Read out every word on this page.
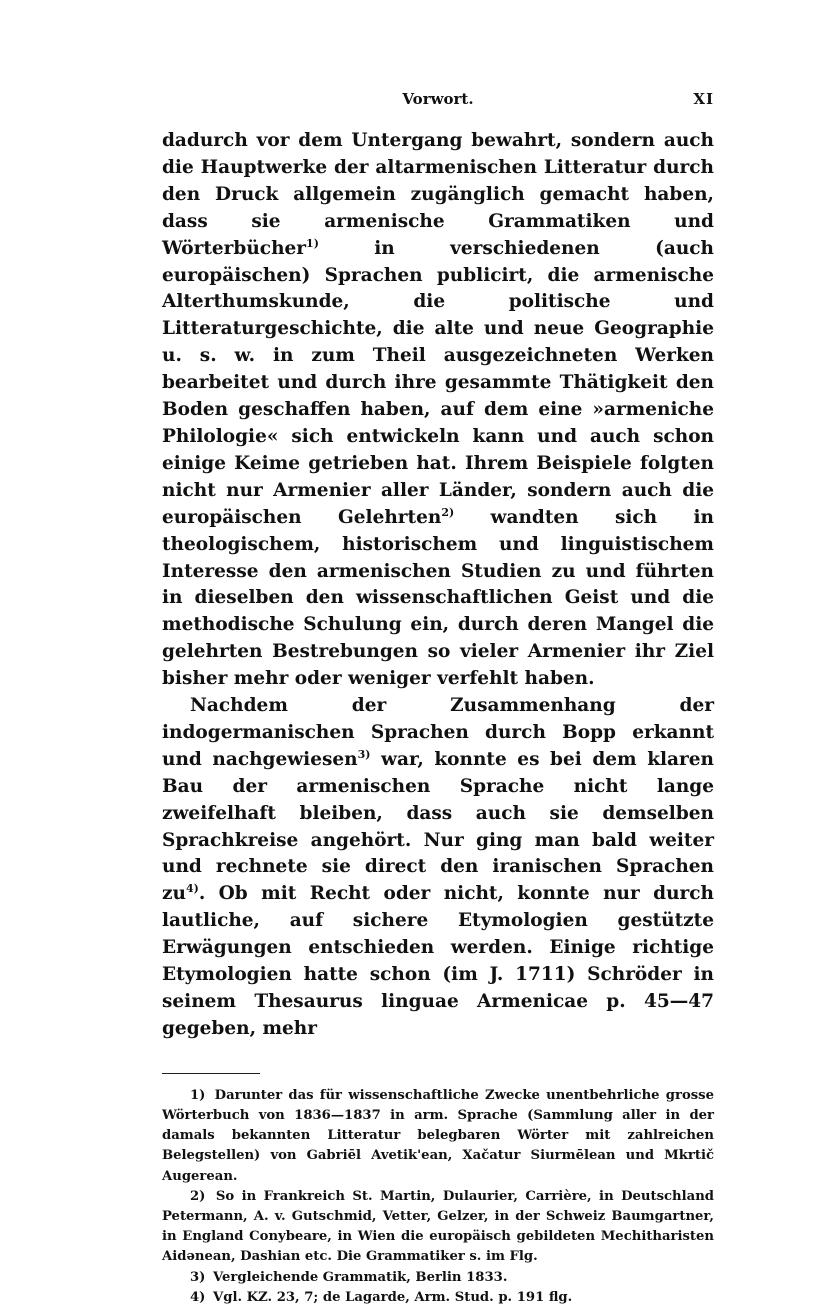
Vorwort.	XI

dadurch vor dem Untergang bewahrt, sondern auch die Hauptwerke der altarmenischen Litteratur durch den Druck allgemein zugänglich gemacht haben, dass sie armenische Grammatiken und Wörterbücher$^{1)}$ in verschiedenen (auch europäischen) Sprachen publicirt, die armenische Alterthumskunde, die politische und Litteraturgeschichte, die alte und neue Geographie u. s. w. in zum Theil ausgezeichneten Werken bearbeitet und durch ihre gesammte Thätigkeit den Boden geschaffen haben, auf dem eine »armeniche Philologie« sich entwickeln kann und auch schon einige Keime getrieben hat. Ihrem Beispiele folgten nicht nur Armenier aller Länder, sondern auch die europäischen Gelehrten$^{2)}$ wandten sich in theologischem, historischem und linguistischem Interesse den armenischen Studien zu und führten in dieselben den wissenschaftlichen Geist und die methodische Schulung ein, durch deren Mangel die gelehrten Bestrebungen so vieler Armenier ihr Ziel bisher mehr oder weniger verfehlt haben.

Nachdem der Zusammenhang der indogermanischen Sprachen durch Bopp erkannt und nachgewiesen$^{3)}$ war, konnte es bei dem klaren Bau der armenischen Sprache nicht lange zweifelhaft bleiben, dass auch sie demselben Sprachkreise angehört. Nur ging man bald weiter und rechnete sie direct den iranischen Sprachen zu$^{4)}$. Ob mit Recht oder nicht, konnte nur durch lautliche, auf sichere Etymologien gestützte Erwägungen entschieden werden. Einige richtige Etymologien hatte schon (im J. 1711) Schröder in seinem Thesaurus linguae Armenicae p. 45—47 gegeben, mehr

1) Darunter das für wissenschaftliche Zwecke unentbehrliche grosse Wörterbuch von 1836—1837 in arm. Sprache (Sammlung aller in der damals bekannten Litteratur belegbaren Wörter mit zahlreichen Belegstellen) von Gabriēl Avetik'ean, Xačatur Siurmēlean und Mkrtič Augerean.

2) So in Frankreich St. Martin, Dulaurier, Carrière, in Deutschland Petermann, A. v. Gutschmid, Vetter, Gelzer, in der Schweiz Baumgartner, in England Conybeare, in Wien die europäisch gebildeten Mechitharisten Aidənean, Dashian etc. Die Grammatiker s. im Flg.

3) Vergleichende Grammatik, Berlin 1833.

4) Vgl. KZ. 23, 7; de Lagarde, Arm. Stud. p. 191 flg.
